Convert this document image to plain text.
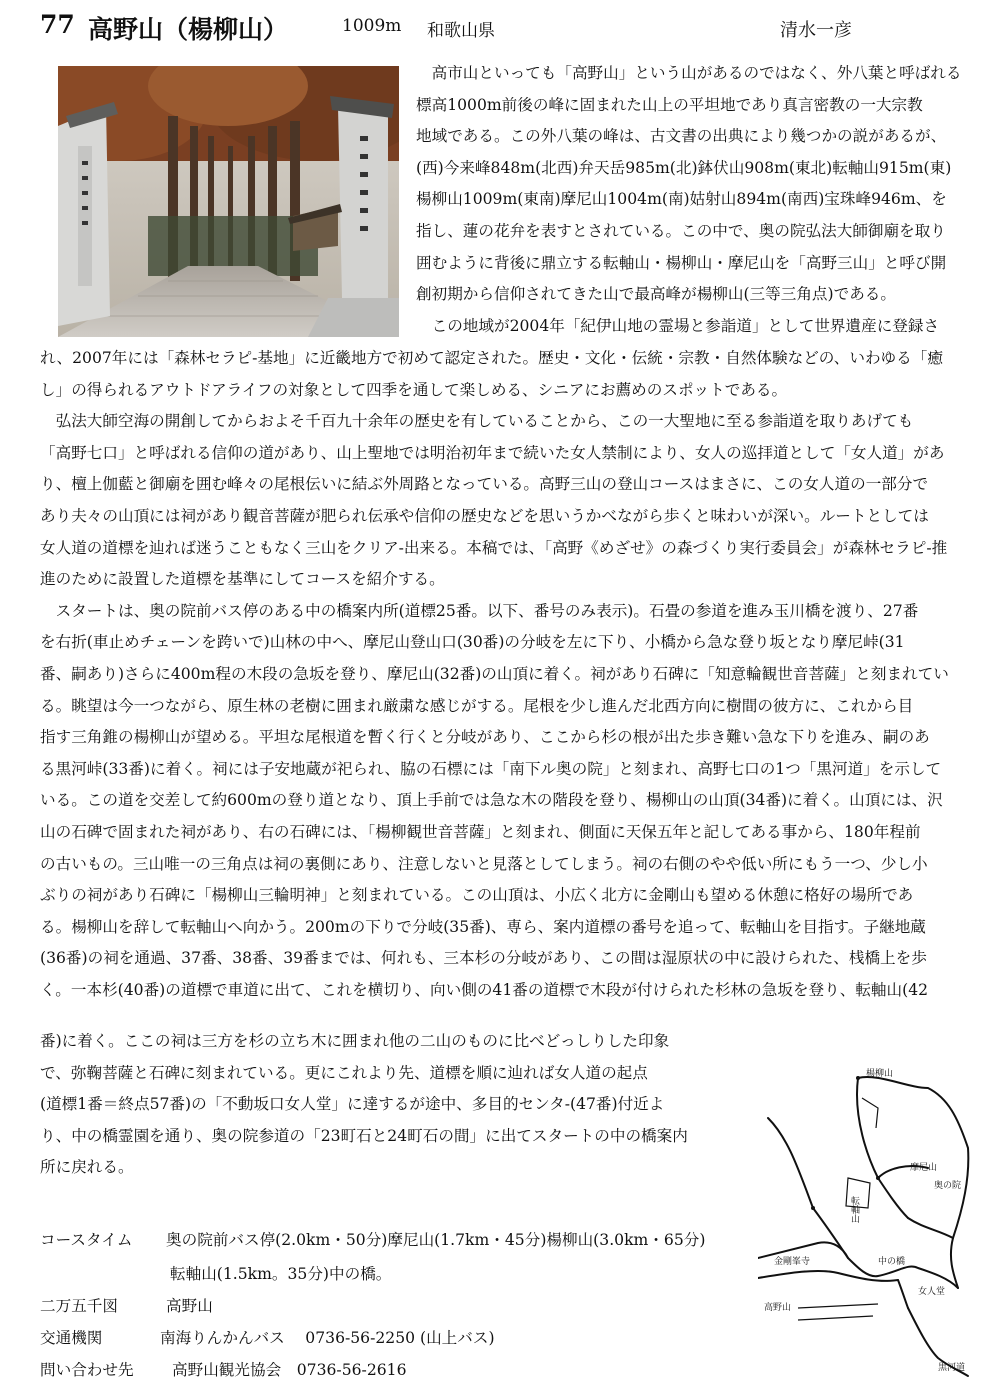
77 高野山（楊柳山）	1009m 和歌山県	清水一彦
　高市山といっても「高野山」という山があるのではなく、外八葉と呼ばれる
標高1000m前後の峰に固まれた山上の平坦地であり真言密教の一大宗教
地域である。この外八葉の峰は、古文書の出典により幾つかの説があるが、
(西)今来峰848m(北西)弁天岳985m(北)鉢伏山908m(東北)転軸山915m(東)
楊柳山1009m(東南)摩尼山1004m(南)姑射山894m(南西)宝珠峰946m、を
指し、蓮の花弁を表すとされている。この中で、奥の院弘法大師御廟を取り
囲むように背後に鼎立する転軸山・楊柳山・摩尼山を「高野三山」と呼び開
創初期から信仰されてきた山で最高峰が楊柳山(三等三角点)である。
　この地域が2004年「紀伊山地の霊場と参詣道」として世界遺産に登録さ
れ、2007年には「森林セラピ-基地」に近畿地方で初めて認定された。歴史・文化・伝統・宗教・自然体験などの、いわゆる「癒
し」の得られるアウトドアライフの対象として四季を通して楽しめる、シニアにお薦めのスポットである。
　弘法大師空海の開創してからおよそ千百九十余年の歴史を有していることから、この一大聖地に至る参詣道を取りあげても
「高野七口」と呼ばれる信仰の道があり、山上聖地では明治初年まで続いた女人禁制により、女人の巡拝道として「女人道」があ
り、檀上伽藍と御廟を囲む峰々の尾根伝いに結ぶ外周路となっている。高野三山の登山コースはまさに、この女人道の一部分で
あり夫々の山頂には祠があり観音菩薩が肥られ伝承や信仰の歴史などを思いうかべながら歩くと味わいが深い。ルートとしては
女人道の道標を辿れば迷うこともなく三山をクリア-出来る。本稿では、「高野《めざせ》の森づくり実行委員会」が森林セラピ-推
進のために設置した道標を基準にしてコースを紹介する。
　スタートは、奥の院前バス停のある中の橋案内所(道標25番。以下、番号のみ表示)。石畳の参道を進み玉川橋を渡り、27番
を右折(車止めチェーンを跨いで)山林の中へ、摩尼山登山口(30番)の分岐を左に下り、小橋から急な登り坂となり摩尼峠(31
番、嗣あり)さらに400m程の木段の急坂を登り、摩尼山(32番)の山頂に着く。祠があり石碑に「知意輪観世音菩薩」と刻まれてい
る。眺望は今一つながら、原生林の老樹に囲まれ厳粛な感じがする。尾根を少し進んだ北西方向に樹間の彼方に、これから目
指す三角錐の楊柳山が望める。平坦な尾根道を暫く行くと分岐があり、ここから杉の根が出た歩き難い急な下りを進み、嗣のあ
る黒河峠(33番)に着く。祠には子安地蔵が祀られ、脇の石標には「南下ル奥の院」と刻まれ、高野七口の1つ「黒河道」を示して
いる。この道を交差して約600mの登り道となり、頂上手前では急な木の階段を登り、楊柳山の山頂(34番)に着く。山頂には、沢
山の石碑で固まれた祠があり、右の石碑には、「楊柳観世音菩薩」と刻まれ、側面に天保五年と記してある事から、180年程前
の古いもの。三山唯一の三角点は祠の裏側にあり、注意しないと見落としてしまう。祠の右側のやや低い所にもう一つ、少し小
ぶりの祠があり石碑に「楊柳山三輪明神」と刻まれている。この山頂は、小広く北方に金剛山も望める休憩に格好の場所であ
る。楊柳山を辞して転軸山へ向かう。200mの下りで分岐(35番)、専ら、案内道標の番号を追って、転軸山を目指す。子継地蔵
(36番)の祠を通過、37番、38番、39番までは、何れも、三本杉の分岐があり、この間は湿原状の中に設けられた、桟橋上を歩
く。一本杉(40番)の道標で車道に出て、これを横切り、向い側の41番の道標で木段が付けられた杉林の急坂を登り、転軸山(42
番)に着く。ここの祠は三方を杉の立ち木に囲まれ他の二山のものに比べどっしりした印象
で、弥鞠菩薩と石碑に刻まれている。更にこれより先、道標を順に辿れば女人道の起点
(道標1番＝終点57番)の「不動坂口女人堂」に達するが途中、多目的センタ-(47番)付近よ
り、中の橋霊園を通り、奥の院参道の「23町石と24町石の間」に出てスタートの中の橋案内
所に戻れる。
コースタイム 奥の院前バス停(2.0km・50分)摩尼山(1.7km・45分)楊柳山(3.0km・65分)
転軸山(1.5km。35分)中の橋。
二万五千図	高野山
交通機関	南海りんかんバス　 0736-56-2250 (山上バス)
問い合わせ先 高野山観光協会　0736-56-2616
楊柳山
摩尼山
奥の院
転軸山
金剛峯寺	中の橋
高野山
黒河道
女人堂
